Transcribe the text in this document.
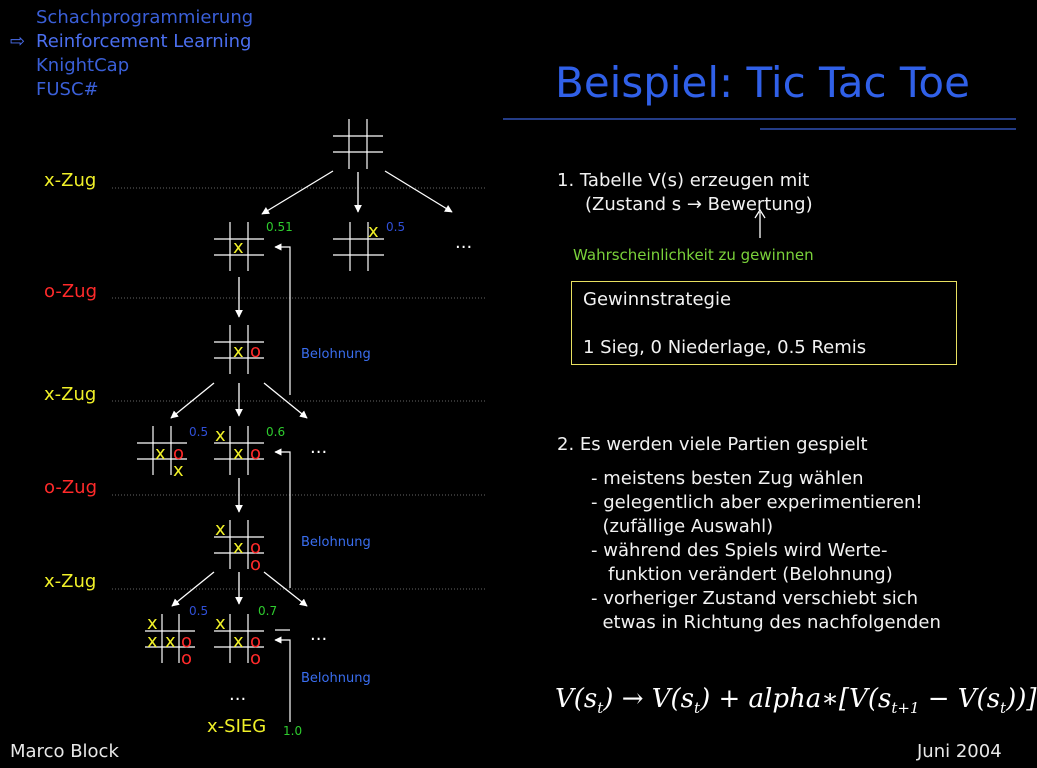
Schachprogrammierung
⇨ Reinforcement Learning
KnightCap
FUSC#	Beispiel: Tic Tac Toe
x-Zug
o-Zug
x-Zug
o-Zug
x-Zug
x
x
x o
x o
x
x
x o
x
x o
o
x
x x o
o
x
x o
o
0.51	0.5
0.5	0.6
0.5	0.7
1.0
Belohnung
Belohnung
Belohnung
...
...
...
...
x-SIEG
1. Tabelle V(s) erzeugen mit
(Zustand s → Bewertung)
Wahrscheinlichkeit zu gewinnen
Gewinnstrategie
1 Sieg, 0 Niederlage, 0.5 Remis
2. Es werden viele Partien gespielt
- meistens besten Zug wählen
- gelegentlich aber experimentieren!
(zufällige Auswahl)
- während des Spiels wird Werte-
funktion verändert (Belohnung)
- vorheriger Zustand verschiebt sich
etwas in Richtung des nachfolgenden
$V(s_t) \to V(s_t)$ + $alpha∗[V(s_{t+1} - V(s_t))]$
Marco Block	Juni 2004
